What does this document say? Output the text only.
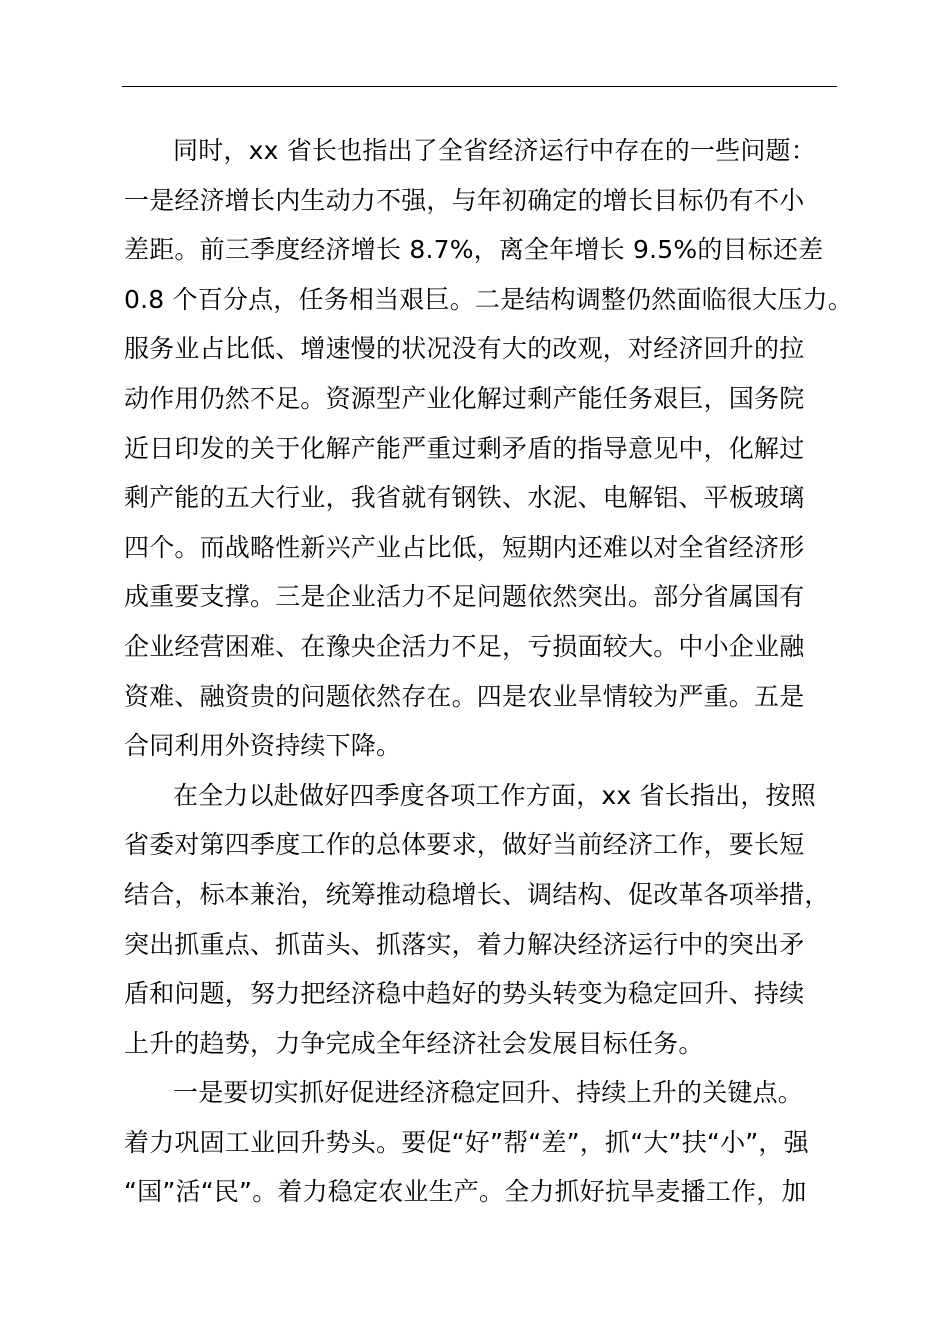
同时，xx 省长也指出了全省经济运行中存在的一些问题：
一是经济增长内生动力不强，与年初确定的增长目标仍有不小
差距。前三季度经济增长 8.7%，离全年增长 9.5%的目标还差
0.8 个百分点，任务相当艰巨。二是结构调整仍然面临很大压力。
服务业占比低、增速慢的状况没有大的改观，对经济回升的拉
动作用仍然不足。资源型产业化解过剩产能任务艰巨，国务院
近日印发的关于化解产能严重过剩矛盾的指导意见中，化解过
剩产能的五大行业，我省就有钢铁、水泥、电解铝、平板玻璃
四个。而战略性新兴产业占比低，短期内还难以对全省经济形
成重要支撑。三是企业活力不足问题依然突出。部分省属国有
企业经营困难、在豫央企活力不足，亏损面较大。中小企业融
资难、融资贵的问题依然存在。四是农业旱情较为严重。五是
合同利用外资持续下降。
在全力以赴做好四季度各项工作方面，xx 省长指出，按照
省委对第四季度工作的总体要求，做好当前经济工作，要长短
结合，标本兼治，统筹推动稳增长、调结构、促改革各项举措，
突出抓重点、抓苗头、抓落实，着力解决经济运行中的突出矛
盾和问题，努力把经济稳中趋好的势头转变为稳定回升、持续
上升的趋势，力争完成全年经济社会发展目标任务。
一是要切实抓好促进经济稳定回升、持续上升的关键点。
着力巩固工业回升势头。要促“好”帮“差”，抓“大”扶“小”，强
“国”活“民”。着力稳定农业生产。全力抓好抗旱麦播工作，加
